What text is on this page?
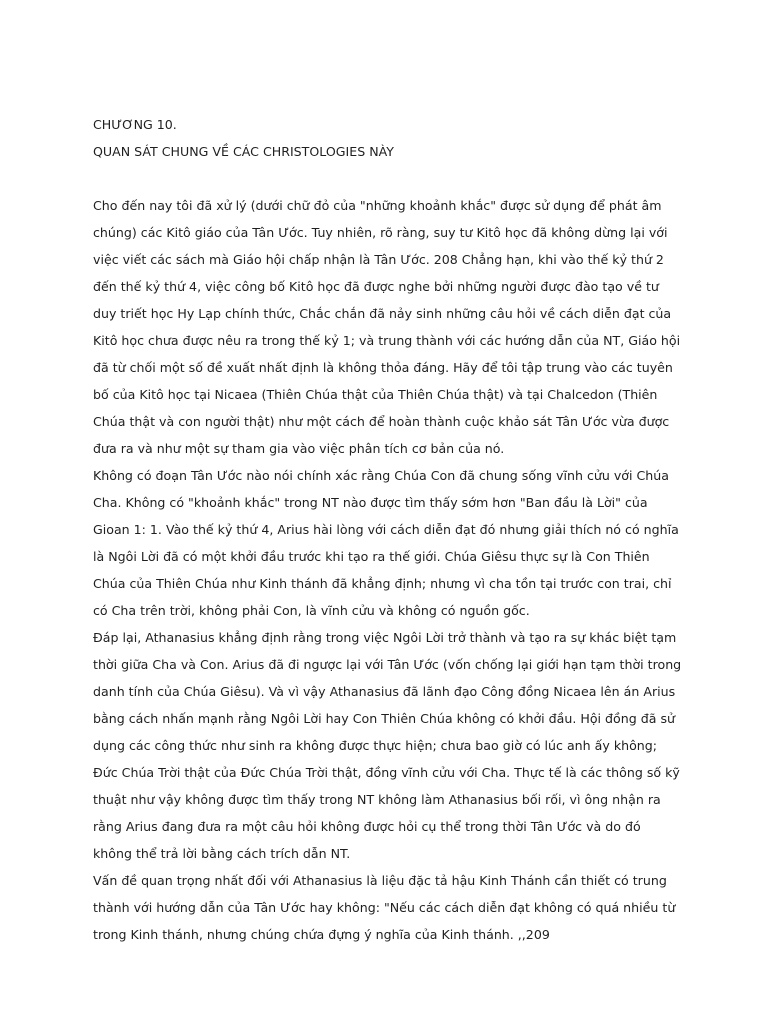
CHƯƠNG 10.

QUAN SÁT CHUNG VỀ CÁC CHRISTOLOGIES NÀY

Cho đến nay tôi đã xử lý (dưới chữ đỏ của "những khoảnh khắc" được sử dụng để phát âm chúng) các Kitô giáo của Tân Ước. Tuy nhiên, rõ ràng, suy tư Kitô học đã không dừng lại với việc viết các sách mà Giáo hội chấp nhận là Tân Ước. 208 Chẳng hạn, khi vào thế kỷ thứ 2 đến thế kỷ thứ 4, việc công bố Kitô học đã được nghe bởi những người được đào tạo về tư duy triết học Hy Lạp chính thức, Chắc chắn đã nảy sinh những câu hỏi về cách diễn đạt của Kitô học chưa được nêu ra trong thế kỷ 1; và trung thành với các hướng dẫn của NT, Giáo hội đã từ chối một số đề xuất nhất định là không thỏa đáng. Hãy để tôi tập trung vào các tuyên bố của Kitô học tại Nicaea (Thiên Chúa thật của Thiên Chúa thật) và tại Chalcedon (Thiên Chúa thật và con người thật) như một cách để hoàn thành cuộc khảo sát Tân Ước vừa được đưa ra và như một sự tham gia vào việc phân tích cơ bản của nó.

Không có đoạn Tân Ước nào nói chính xác rằng Chúa Con đã chung sống vĩnh cửu với Chúa Cha. Không có "khoảnh khắc" trong NT nào được tìm thấy sớm hơn "Ban đầu là Lời" của Gioan 1: 1. Vào thế kỷ thứ 4, Arius hài lòng với cách diễn đạt đó nhưng giải thích nó có nghĩa là Ngôi Lời đã có một khởi đầu trước khi tạo ra thế giới. Chúa Giêsu thực sự là Con Thiên Chúa của Thiên Chúa như Kinh thánh đã khẳng định; nhưng vì cha tồn tại trước con trai, chỉ có Cha trên trời, không phải Con, là vĩnh cửu và không có nguồn gốc.

Đáp lại, Athanasius khẳng định rằng trong việc Ngôi Lời trở thành và tạo ra sự khác biệt tạm thời giữa Cha và Con. Arius đã đi ngược lại với Tân Ước (vốn chống lại giới hạn tạm thời trong danh tính của Chúa Giêsu). Và vì vậy Athanasius đã lãnh đạo Công đồng Nicaea lên án Arius bằng cách nhấn mạnh rằng Ngôi Lời hay Con Thiên Chúa không có khởi đầu. Hội đồng đã sử dụng các công thức như sinh ra không được thực hiện; chưa bao giờ có lúc anh ấy không; Đức Chúa Trời thật của Đức Chúa Trời thật, đồng vĩnh cửu với Cha. Thực tế là các thông số kỹ thuật như vậy không được tìm thấy trong NT không làm Athanasius bối rối, vì ông nhận ra rằng Arius đang đưa ra một câu hỏi không được hỏi cụ thể trong thời Tân Ước và do đó không thể trả lời bằng cách trích dẫn NT.

Vấn đề quan trọng nhất đối với Athanasius là liệu đặc tả hậu Kinh Thánh cần thiết có trung thành với hướng dẫn của Tân Ước hay không: "Nếu các cách diễn đạt không có quá nhiều từ trong Kinh thánh, nhưng chúng chứa đựng ý nghĩa của Kinh thánh. ,,209
